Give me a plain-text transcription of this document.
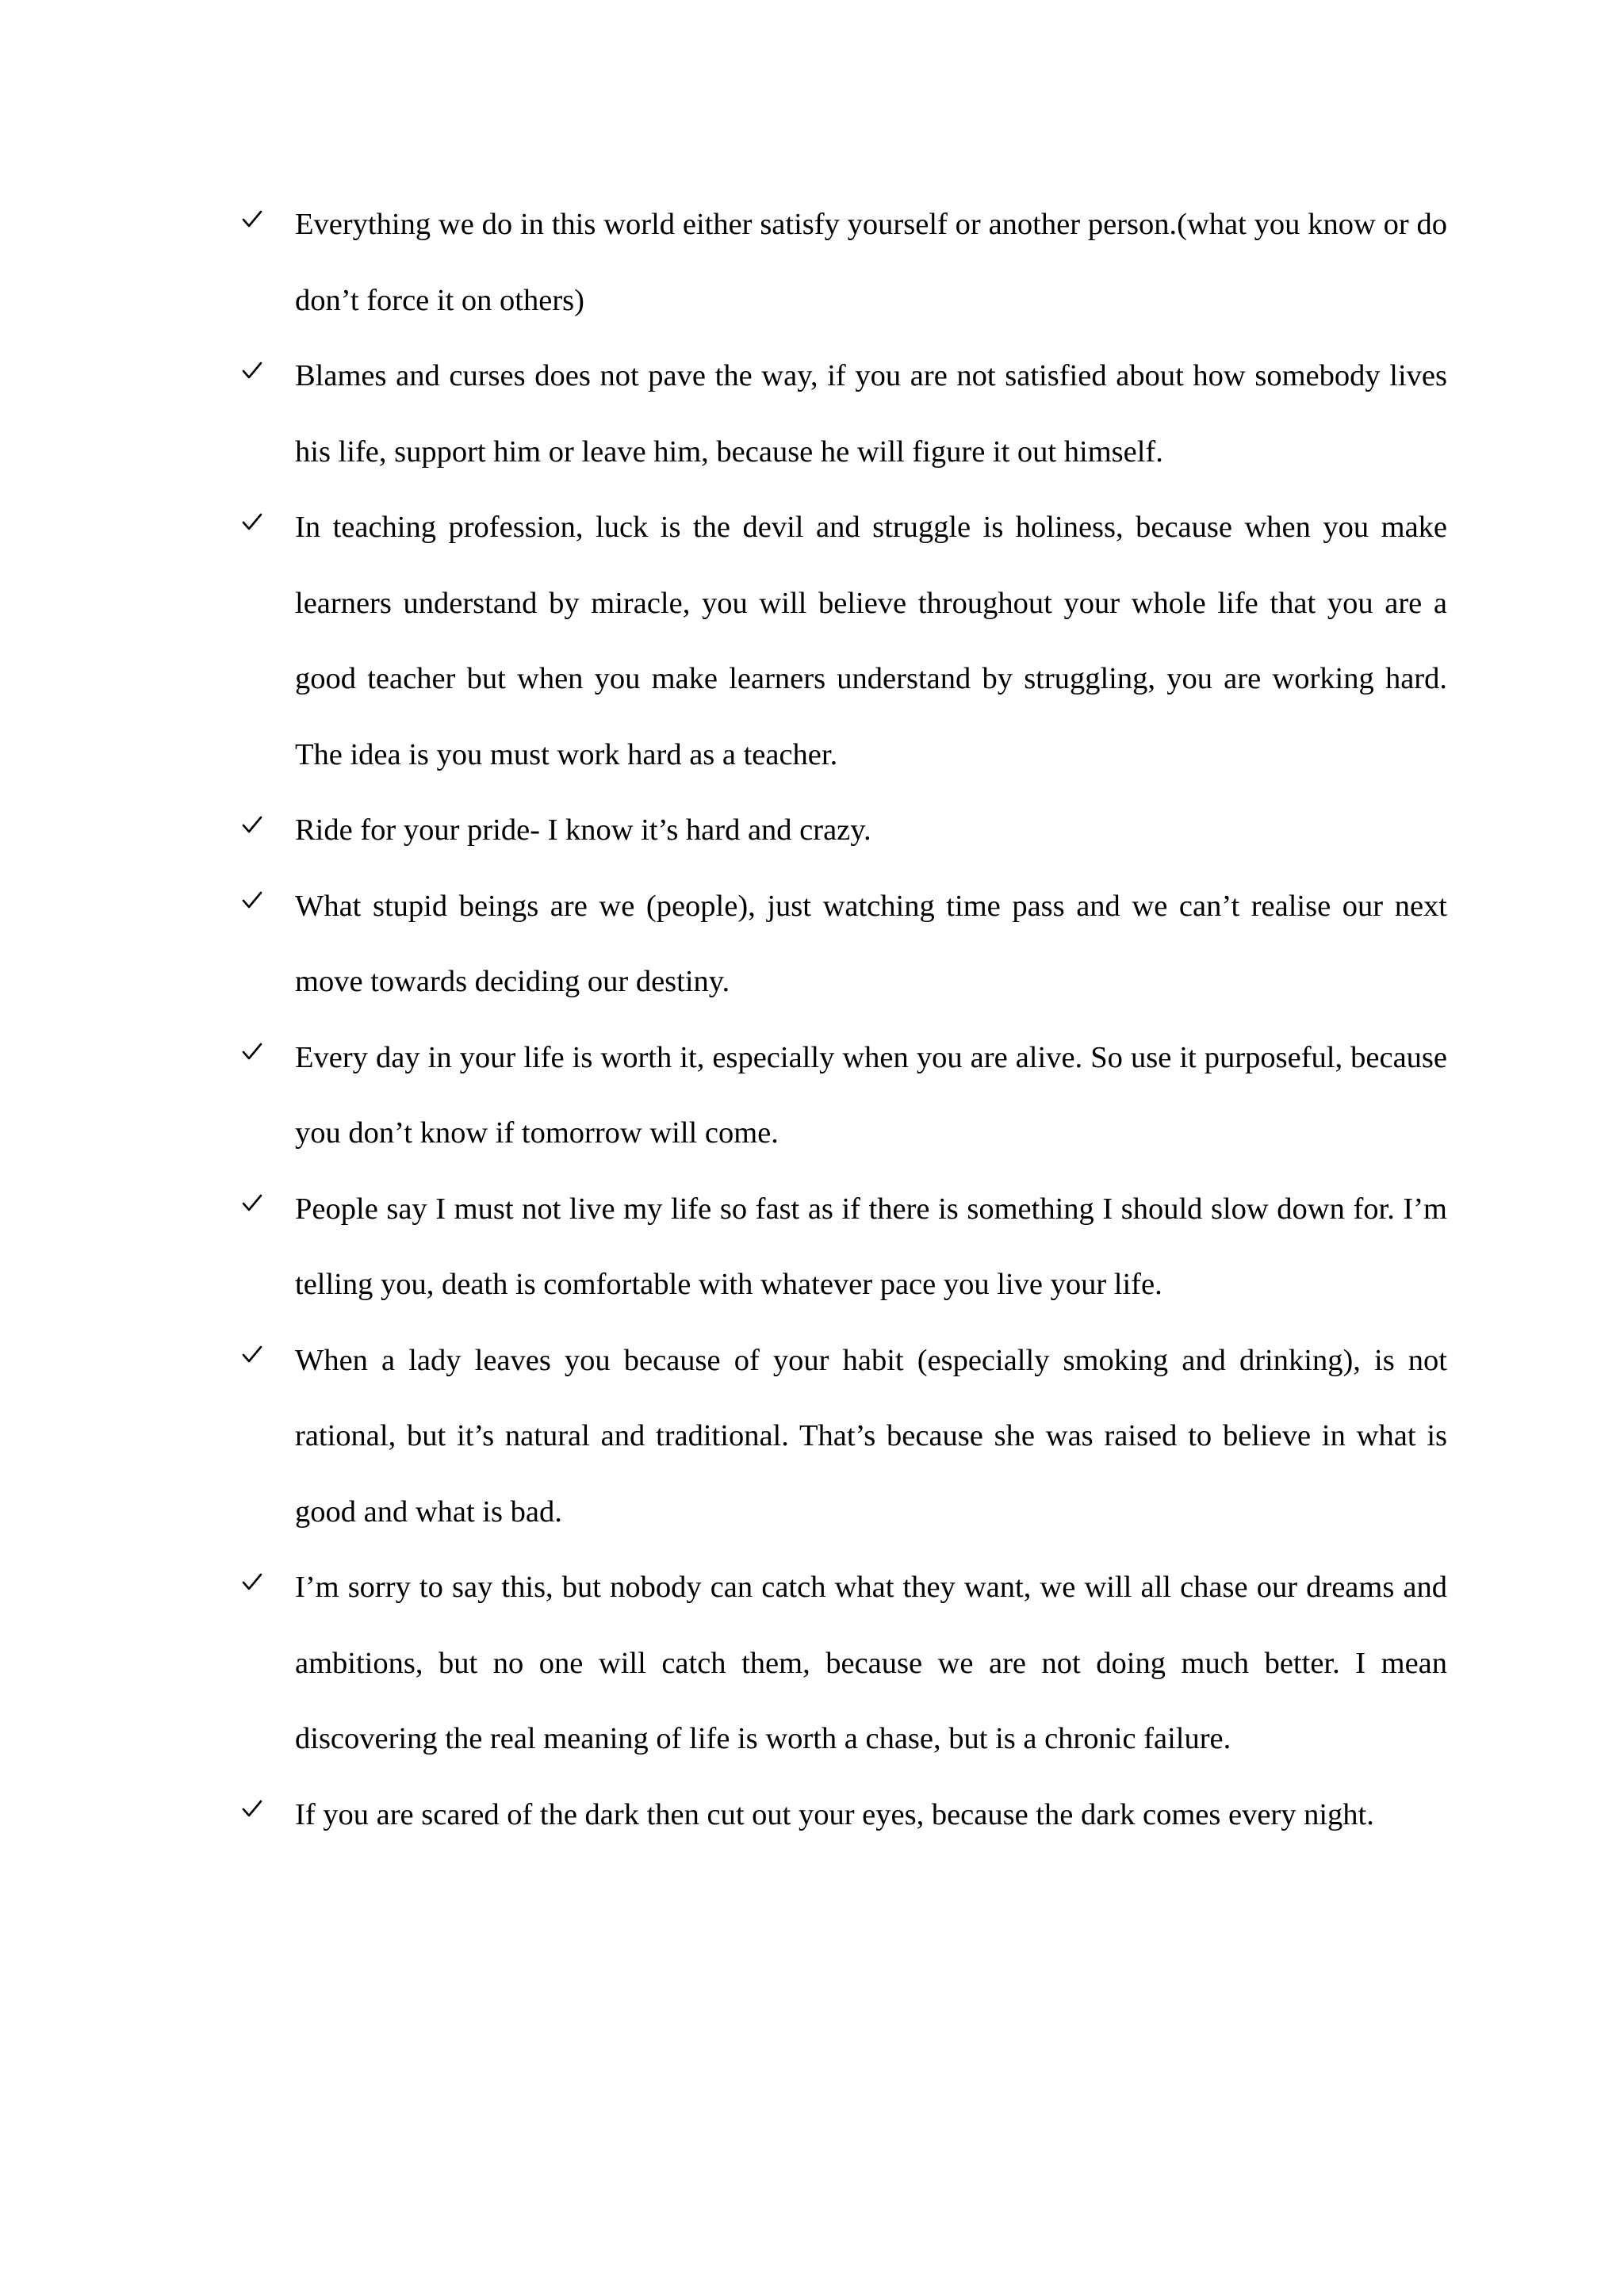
Everything we do in this world either satisfy yourself or another person.(what you know or do don’t force it on others)
Blames and curses does not pave the way, if you are not satisfied about how somebody lives his life, support him or leave him, because he will figure it out himself.
In teaching profession, luck is the devil and struggle is holiness, because when you make learners understand by miracle, you will believe throughout your whole life that you are a good teacher but when you make learners understand by struggling, you are working hard. The idea is you must work hard as a teacher.
Ride for your pride- I know it’s hard and crazy.
What stupid beings are we (people), just watching time pass and we can’t realise our next move towards deciding our destiny.
Every day in your life is worth it, especially when you are alive. So use it purposeful, because you don’t know if tomorrow will come.
People say I must not live my life so fast as if there is something I should slow down for. I’m telling you, death is comfortable with whatever pace you live your life.
When a lady leaves you because of your habit (especially smoking and drinking), is not rational, but it’s natural and traditional. That’s because she was raised to believe in what is good and what is bad.
I’m sorry to say this, but nobody can catch what they want, we will all chase our dreams and ambitions, but no one will catch them, because we are not doing much better. I mean discovering the real meaning of life is worth a chase, but is a chronic failure.
If you are scared of the dark then cut out your eyes, because the dark comes every night.
